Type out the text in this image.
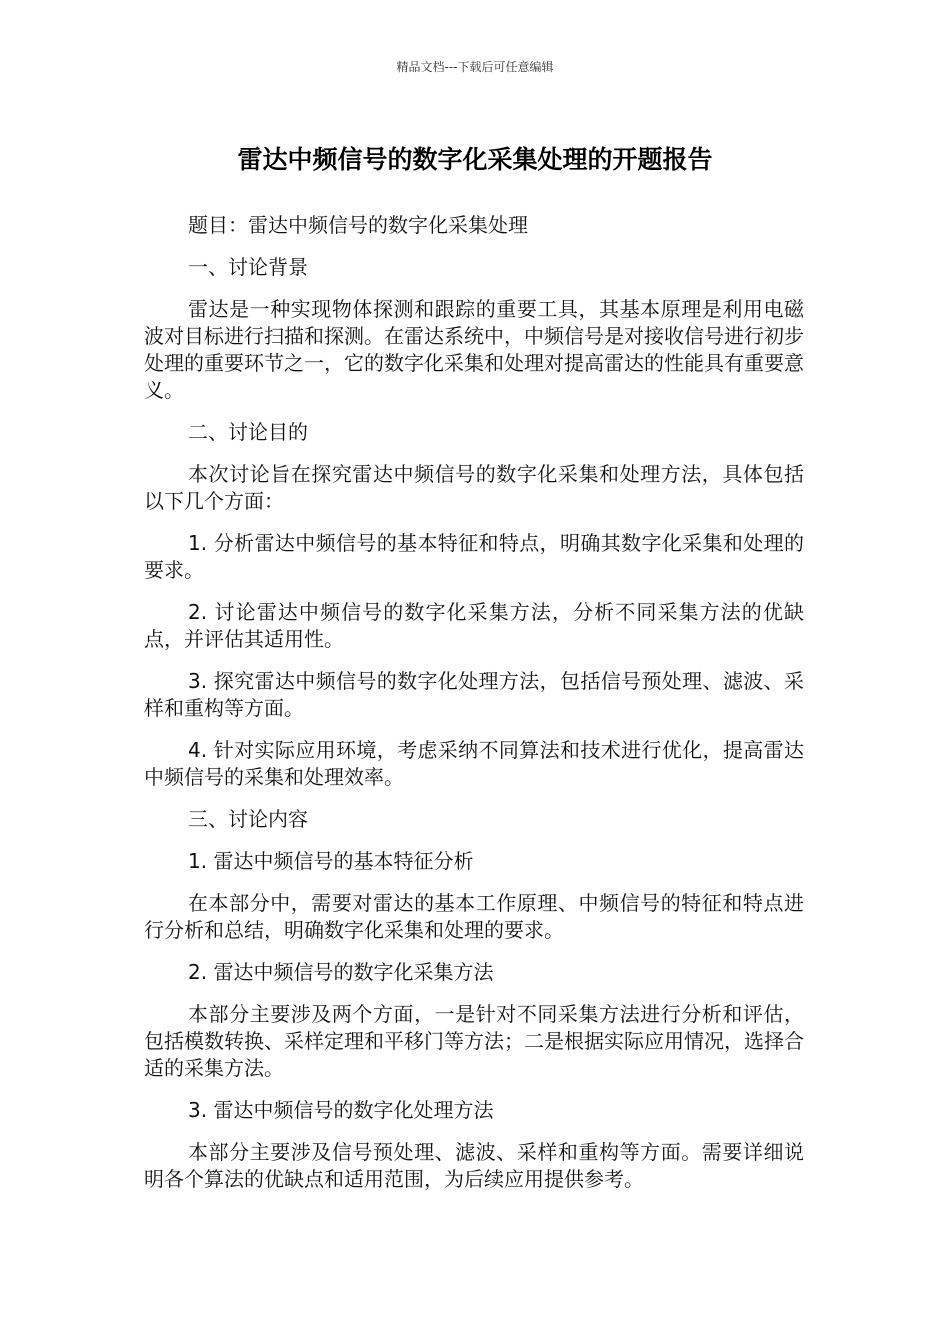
精品文档---下载后可任意编辑
雷达中频信号的数字化采集处理的开题报告

题目：雷达中频信号的数字化采集处理

一、讨论背景

雷达是一种实现物体探测和跟踪的重要工具，其基本原理是利用电磁波对目标进行扫描和探测。在雷达系统中，中频信号是对接收信号进行初步处理的重要环节之一，它的数字化采集和处理对提高雷达的性能具有重要意义。

二、讨论目的

本次讨论旨在探究雷达中频信号的数字化采集和处理方法，具体包括以下几个方面：

1. 分析雷达中频信号的基本特征和特点，明确其数字化采集和处理的要求。

2. 讨论雷达中频信号的数字化采集方法，分析不同采集方法的优缺点，并评估其适用性。

3. 探究雷达中频信号的数字化处理方法，包括信号预处理、滤波、采样和重构等方面。

4. 针对实际应用环境，考虑采纳不同算法和技术进行优化，提高雷达中频信号的采集和处理效率。

三、讨论内容

1. 雷达中频信号的基本特征分析

在本部分中，需要对雷达的基本工作原理、中频信号的特征和特点进行分析和总结，明确数字化采集和处理的要求。

2. 雷达中频信号的数字化采集方法

本部分主要涉及两个方面，一是针对不同采集方法进行分析和评估，包括模数转换、采样定理和平移门等方法；二是根据实际应用情况，选择合适的采集方法。

3. 雷达中频信号的数字化处理方法

本部分主要涉及信号预处理、滤波、采样和重构等方面。需要详细说明各个算法的优缺点和适用范围，为后续应用提供参考。
